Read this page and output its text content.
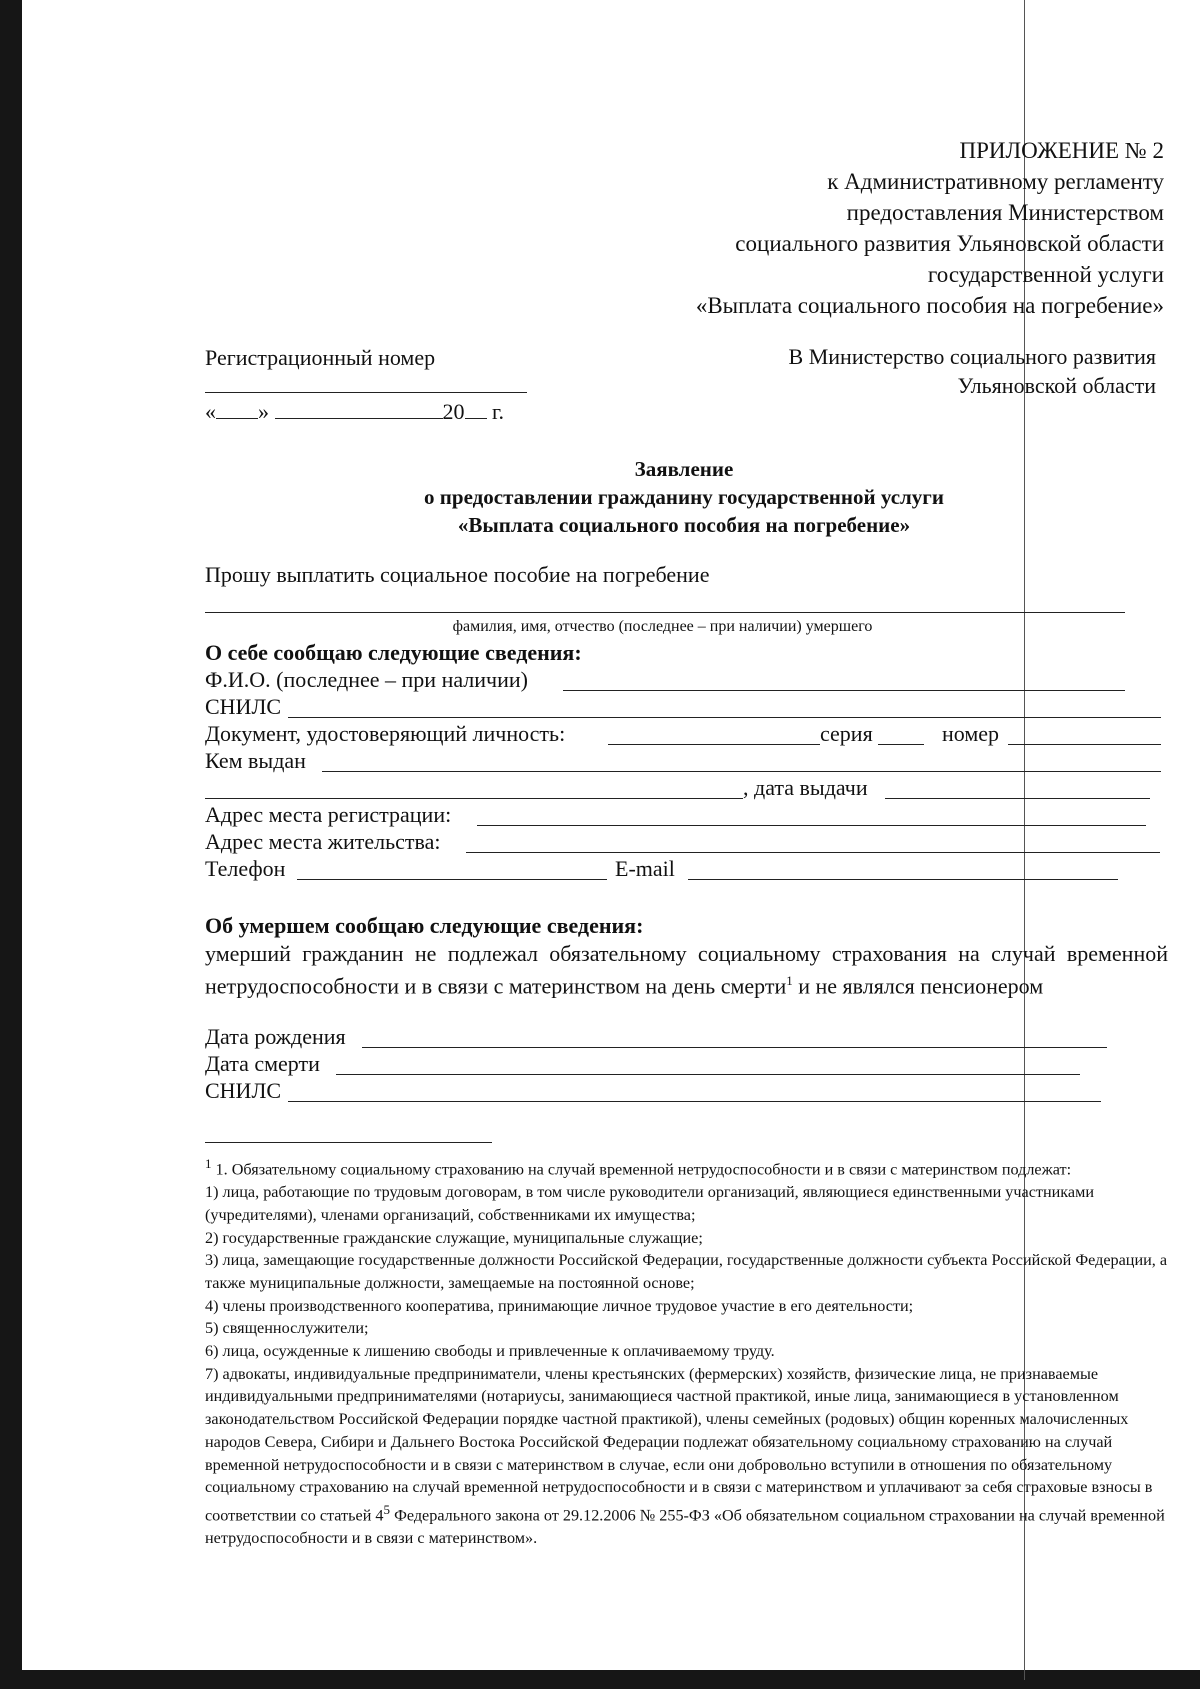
ПРИЛОЖЕНИЕ № 2
к Административному регламенту
предоставления Министерством
социального развития Ульяновской области
государственной услуги
«Выплата социального пособия на погребение»
Регистрационный номер
« »	20 г.
В Министерство социального развития
Ульяновской области
Заявление
о предоставлении гражданину государственной услуги
«Выплата социального пособия на погребение»
Прошу выплатить социальное пособие на погребение
фамилия, имя, отчество (последнее – при наличии) умершего
О себе сообщаю следующие сведения:
Ф.И.О. (последнее – при наличии)
СНИЛС
Документ, удостоверяющий личность:	серия	номер
Кем выдан
, дата выдачи
Адрес места регистрации:
Адрес места жительства:
Телефон	E-mail
Об умершем сообщаю следующие сведения:
умерший гражданин не подлежал обязательному социальному страхования на случай временной нетрудоспособности и в связи с материнством на день смерти$^1$ и не являлся пенсионером
Дата рождения
Дата смерти
СНИЛС

$^1$ 1. Обязательному социальному страхованию на случай временной нетрудоспособности и в связи с материнством подлежат:

1) лица, работающие по трудовым договорам, в том числе руководители организаций, являющиеся единственными участниками (учредителями), членами организаций, собственниками их имущества;

2) государственные гражданские служащие, муниципальные служащие;

3) лица, замещающие государственные должности Российской Федерации, государственные должности субъекта Российской Федерации, а также муниципальные должности, замещаемые на постоянной основе;

4) члены производственного кооператива, принимающие личное трудовое участие в его деятельности;

5) священнослужители;

6) лица, осужденные к лишению свободы и привлеченные к оплачиваемому труду.

7) адвокаты, индивидуальные предприниматели, члены крестьянских (фермерских) хозяйств, физические лица, не признаваемые индивидуальными предпринимателями (нотариусы, занимающиеся частной практикой, иные лица, занимающиеся в установленном законодательством Российской Федерации порядке частной практикой), члены семейных (родовых) общин коренных малочисленных народов Севера, Сибири и Дальнего Востока Российской Федерации подлежат обязательному социальному страхованию на случай временной нетрудоспособности и в связи с материнством в случае, если они добровольно вступили в отношения по обязательному социальному страхованию на случай временной нетрудоспособности и в связи с материнством и уплачивают за себя страховые взносы в соответствии со статьей $4^5$ Федерального закона от 29.12.2006 № 255-ФЗ «Об обязательном социальном страховании на случай временной нетрудоспособности и в связи с материнством».
